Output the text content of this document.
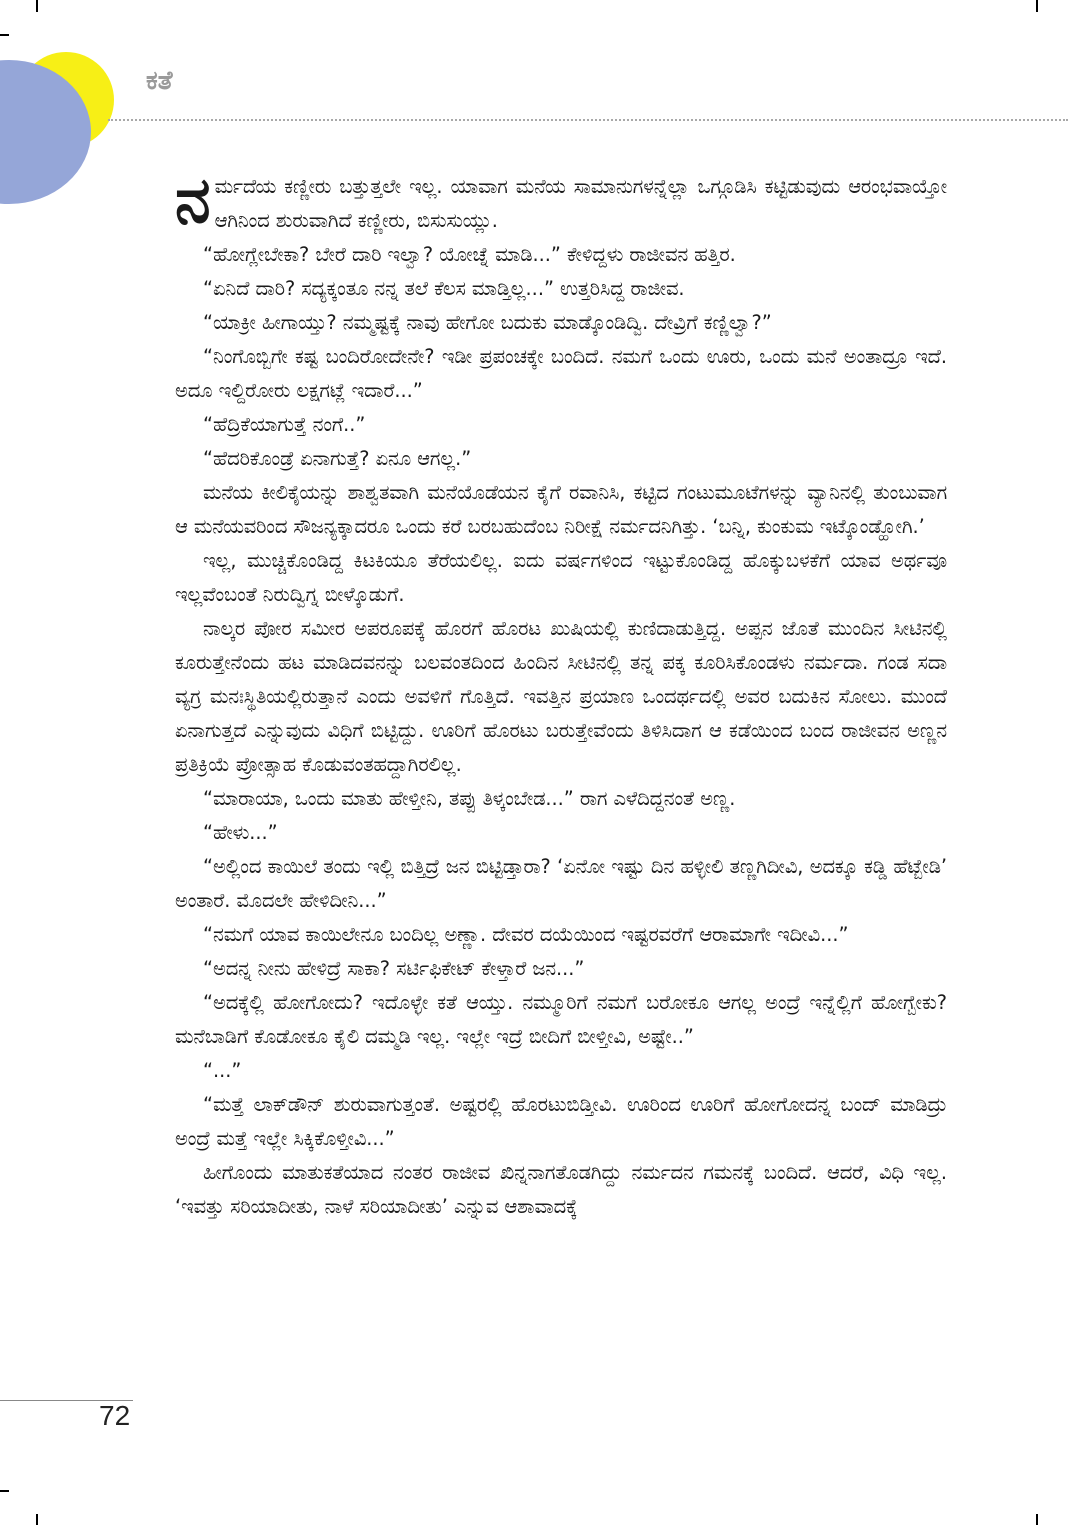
ಕತೆ

ನರ್ಮದೆಯ ಕಣ್ಣೀರು ಬತ್ತುತ್ತಲೇ ಇಲ್ಲ. ಯಾವಾಗ ಮನೆಯ ಸಾಮಾನುಗಳನ್ನೆಲ್ಲಾ ಒಗ್ಗೂಡಿಸಿ ಕಟ್ಟಿಡುವುದು ಆರಂಭವಾಯ್ತೋ ಆಗಿನಿಂದ ಶುರುವಾಗಿದೆ ಕಣ್ಣೀರು, ಬಿಸುಸುಯ್ಲು.

“ಹೋಗ್ಲೇಬೇಕಾ? ಬೇರೆ ದಾರಿ ಇಲ್ವಾ? ಯೋಚ್ನೆ ಮಾಡಿ...” ಕೇಳಿದ್ದಳು ರಾಜೀವನ ಹತ್ತಿರ.

“ಏನಿದೆ ದಾರಿ? ಸದ್ಯಕ್ಕಂತೂ ನನ್ನ ತಲೆ ಕೆಲಸ ಮಾಡ್ತಿಲ್ಲ...” ಉತ್ತರಿಸಿದ್ದ ರಾಜೀವ.

“ಯಾಕ್ರೀ ಹೀಗಾಯ್ತು? ನಮ್ಮಷ್ಟಕ್ಕೆ ನಾವು ಹೇಗೋ ಬದುಕು ಮಾಡ್ಕೊಂಡಿದ್ವಿ. ದೇವ್ರಿಗೆ ಕಣ್ಣಿಲ್ವಾ?”

“ನಿಂಗೊಬ್ಬಿಗೇ ಕಷ್ಟ ಬಂದಿರೋದೇನೇ? ಇಡೀ ಪ್ರಪಂಚಕ್ಕೇ ಬಂದಿದೆ. ನಮಗೆ ಒಂದು ಊರು, ಒಂದು ಮನೆ ಅಂತಾದ್ರೂ ಇದೆ. ಅದೂ ಇಲ್ದಿರೋರು ಲಕ್ಷಗಟ್ಲೆ ಇದಾರೆ...”

“ಹೆದ್ರಿಕೆಯಾಗುತ್ತೆ ನಂಗೆ..”

“ಹೆದರಿಕೊಂಡ್ರೆ ಏನಾಗುತ್ತೆ? ಏನೂ ಆಗಲ್ಲ.”

ಮನೆಯ ಕೀಲಿಕೈಯನ್ನು ಶಾಶ್ವತವಾಗಿ ಮನೆಯೊಡೆಯನ ಕೈಗೆ ರವಾನಿಸಿ, ಕಟ್ಟಿದ ಗಂಟುಮೂಟೆಗಳನ್ನು ವ್ಯಾನಿನಲ್ಲಿ ತುಂಬುವಾಗ ಆ ಮನೆಯವರಿಂದ ಸೌಜನ್ಯಕ್ಕಾದರೂ ಒಂದು ಕರೆ ಬರಬಹುದೆಂಬ ನಿರೀಕ್ಷೆ ನರ್ಮದನಿಗಿತ್ತು. ‘ಬನ್ನಿ, ಕುಂಕುಮ ಇಟ್ಕೊಂಡ್ಹೋಗಿ.’

ಇಲ್ಲ, ಮುಚ್ಚಿಕೊಂಡಿದ್ದ ಕಿಟಕಿಯೂ ತೆರೆಯಲಿಲ್ಲ. ಐದು ವರ್ಷಗಳಿಂದ ಇಟ್ಟುಕೊಂಡಿದ್ದ ಹೊಕ್ಕುಬಳಕೆಗೆ ಯಾವ ಅರ್ಥವೂ ಇಲ್ಲವೆಂಬಂತೆ ನಿರುದ್ವಿಗ್ನ ಬೀಳ್ಕೊಡುಗೆ.

ನಾಲ್ಕರ ಪೋರ ಸಮೀರ ಅಪರೂಪಕ್ಕೆ ಹೊರಗೆ ಹೊರಟ ಖುಷಿಯಲ್ಲಿ ಕುಣಿದಾಡುತ್ತಿದ್ದ. ಅಪ್ಪನ ಜೊತೆ ಮುಂದಿನ ಸೀಟಿನಲ್ಲಿ ಕೂರುತ್ತೇನೆಂದು ಹಟ ಮಾಡಿದವನನ್ನು ಬಲವಂತದಿಂದ ಹಿಂದಿನ ಸೀಟಿನಲ್ಲಿ ತನ್ನ ಪಕ್ಕ ಕೂರಿಸಿಕೊಂಡಳು ನರ್ಮದಾ. ಗಂಡ ಸದಾ ವ್ಯಗ್ರ ಮನಃಸ್ಥಿತಿಯಲ್ಲಿರುತ್ತಾನೆ ಎಂದು ಅವಳಿಗೆ ಗೊತ್ತಿದೆ. ಇವತ್ತಿನ ಪ್ರಯಾಣ ಒಂದರ್ಥದಲ್ಲಿ ಅವರ ಬದುಕಿನ ಸೋಲು. ಮುಂದೆ ಏನಾಗುತ್ತದೆ ಎನ್ನುವುದು ವಿಧಿಗೆ ಬಿಟ್ಟಿದ್ದು. ಊರಿಗೆ ಹೊರಟು ಬರುತ್ತೇವೆಂದು ತಿಳಿಸಿದಾಗ ಆ ಕಡೆಯಿಂದ ಬಂದ ರಾಜೀವನ ಅಣ್ಣನ ಪ್ರತಿಕ್ರಿಯೆ ಪ್ರೋತ್ಸಾಹ ಕೊಡುವಂತಹದ್ದಾಗಿರಲಿಲ್ಲ.

“ಮಾರಾಯಾ, ಒಂದು ಮಾತು ಹೇಳ್ತೀನಿ, ತಪ್ಪು ತಿಳ್ಕಂಬೇಡ...” ರಾಗ ಎಳೆದಿದ್ದನಂತೆ ಅಣ್ಣ.

“ಹೇಳು...”

“ಅಲ್ಲಿಂದ ಕಾಯಿಲೆ ತಂದು ಇಲ್ಲಿ ಬಿತ್ತಿದ್ರೆ ಜನ ಬಿಟ್ಟಿಡ್ತಾರಾ? ‘ಏನೋ ಇಷ್ಟು ದಿನ ಹಳ್ಳೀಲಿ ತಣ್ಣಗಿದೀವಿ, ಅದಕ್ಕೂ ಕಡ್ಡಿ ಹೆಟ್ಬೇಡಿ’ ಅಂತಾರೆ. ಮೊದಲೇ ಹೇಳಿದೀನಿ...”

“ನಮಗೆ ಯಾವ ಕಾಯಿಲೇನೂ ಬಂದಿಲ್ಲ ಅಣ್ಣಾ. ದೇವರ ದಯೆಯಿಂದ ಇಷ್ಟರವರೆಗೆ ಆರಾಮಾಗೇ ಇದೀವಿ...”

“ಅದನ್ನ ನೀನು ಹೇಳಿದ್ರೆ ಸಾಕಾ? ಸರ್ಟಿಫಿಕೇಟ್ ಕೇಳ್ತಾರೆ ಜನ...”

“ಅದಕ್ಕೆಲ್ಲಿ ಹೋಗೋದು? ಇದೊಳ್ಳೇ ಕತೆ ಆಯ್ತು. ನಮ್ಮೂರಿಗೆ ನಮಗೆ ಬರೋಕೂ ಆಗಲ್ಲ ಅಂದ್ರೆ ಇನ್ನೆಲ್ಲಿಗೆ ಹೋಗ್ಬೇಕು? ಮನೆಬಾಡಿಗೆ ಕೊಡೋಕೂ ಕೈಲಿ ದಮ್ಮಡಿ ಇಲ್ಲ. ಇಲ್ಲೇ ಇದ್ರೆ ಬೀದಿಗೆ ಬೀಳ್ತೀವಿ, ಅಷ್ಟೇ..”

“...”

“ಮತ್ತೆ ಲಾಕ್‌ಡೌನ್ ಶುರುವಾಗುತ್ತಂತೆ. ಅಷ್ಟರಲ್ಲಿ ಹೊರಟುಬಿಡ್ತೀವಿ. ಊರಿಂದ ಊರಿಗೆ ಹೋಗೋದನ್ನ ಬಂದ್ ಮಾಡಿದ್ರು ಅಂದ್ರೆ ಮತ್ತೆ ಇಲ್ಲೇ ಸಿಕ್ಕಿಕೊಳ್ತೀವಿ...”

ಹೀಗೊಂದು ಮಾತುಕತೆಯಾದ ನಂತರ ರಾಜೀವ ಖಿನ್ನನಾಗತೊಡಗಿದ್ದು ನರ್ಮದನ ಗಮನಕ್ಕೆ ಬಂದಿದೆ. ಆದರೆ, ವಿಧಿ ಇಲ್ಲ. ‘ಇವತ್ತು ಸರಿಯಾದೀತು, ನಾಳೆ ಸರಿಯಾದೀತು’ ಎನ್ನುವ ಆಶಾವಾದಕ್ಕೆ

72
